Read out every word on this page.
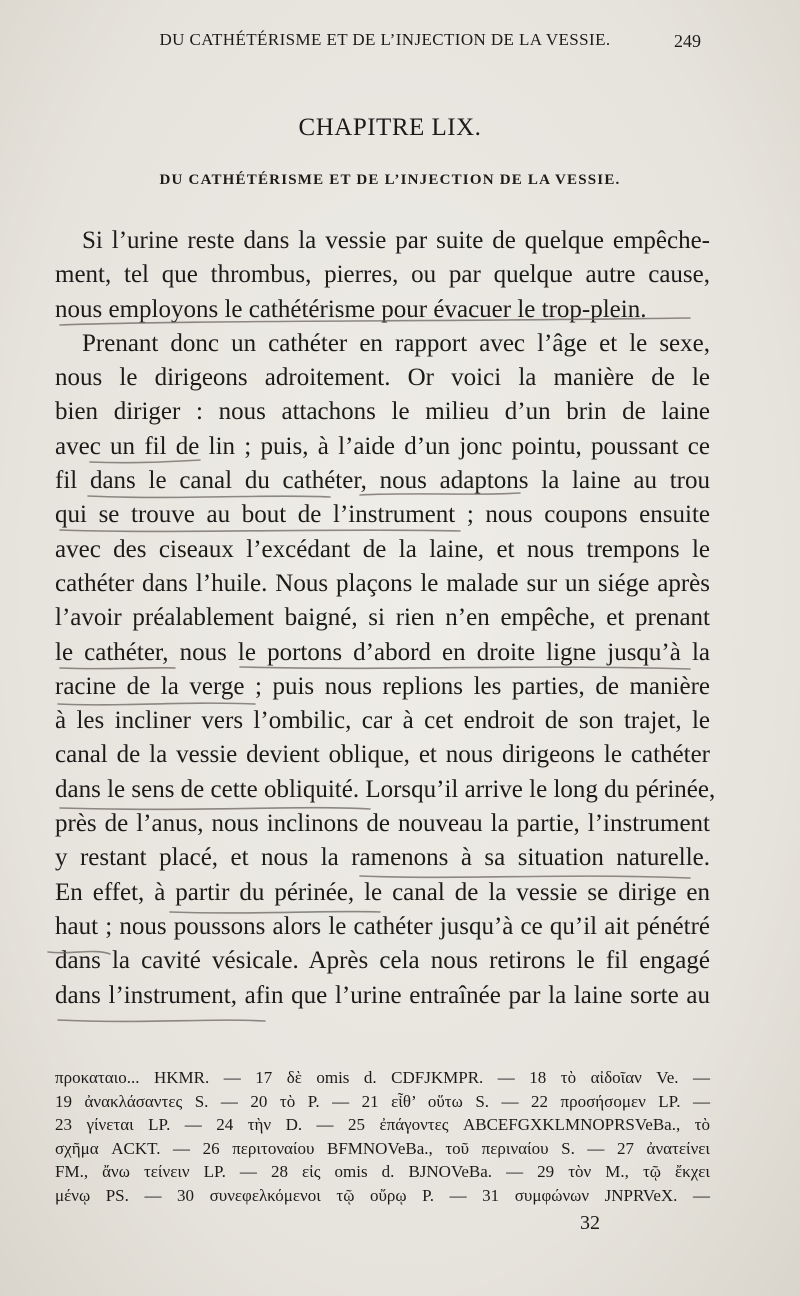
DU CATHÉTÉRISME ET DE L’INJECTION DE LA VESSIE.	249
CHAPITRE LIX.
DU CATHÉTÉRISME ET DE L’INJECTION DE LA VESSIE.
Si l’urine reste dans la vessie par suite de quelque empêche-
ment, tel que thrombus, pierres, ou par quelque autre cause,
nous employons le cathétérisme pour évacuer le trop-plein.
Prenant donc un cathéter en rapport avec l’âge et le sexe,
nous le dirigeons adroitement. Or voici la manière de le
bien diriger : nous attachons le milieu d’un brin de laine
avec un fil de lin ; puis, à l’aide d’un jonc pointu, poussant ce
fil dans le canal du cathéter, nous adaptons la laine au trou
qui se trouve au bout de l’instrument ; nous coupons ensuite
avec des ciseaux l’excédant de la laine, et nous trempons le
cathéter dans l’huile. Nous plaçons le malade sur un siége après
l’avoir préalablement baigné, si rien n’en empêche, et prenant
le cathéter, nous le portons d’abord en droite ligne jusqu’à la
racine de la verge ; puis nous replions les parties, de manière
à les incliner vers l’ombilic, car à cet endroit de son trajet, le
canal de la vessie devient oblique, et nous dirigeons le cathéter
dans le sens de cette obliquité. Lorsqu’il arrive le long du périnée,
près de l’anus, nous inclinons de nouveau la partie, l’instrument
y restant placé, et nous la ramenons à sa situation naturelle.
En effet, à partir du périnée, le canal de la vessie se dirige en
haut ; nous poussons alors le cathéter jusqu’à ce qu’il ait pénétré
dans la cavité vésicale. Après cela nous retirons le fil engagé
dans l’instrument, afin que l’urine entraînée par la laine sorte au
προκαταιο... HKMR. — 17 δὲ omis d. CDFJKMPR. — 18 τὸ αἰδοῖαν Ve. —
19 ἀνακλάσαντες S. — 20 τὸ P. — 21 εἶθ’ οὕτω S. — 22 προσήσομεν LP. —
23 γίνεται LP. — 24 τὴν D. — 25 ἐπάγοντες ABCEFGXKLMNOPRSVeBa., τὸ
σχῆμα ACKT. — 26 περιτοναίου BFMNOVeBa., τοῦ περιναίου S. — 27 ἀνατείνει
FM., ἄνω τείνειν LP. — 28 εἰς omis d. BJNOVeBa. — 29 τὸν M., τῷ ἔκχει
μένῳ PS. — 30 συνεφελκόμενοι τῷ οὔρῳ P. — 31 συμφώνων JNPRVeX. —
32
